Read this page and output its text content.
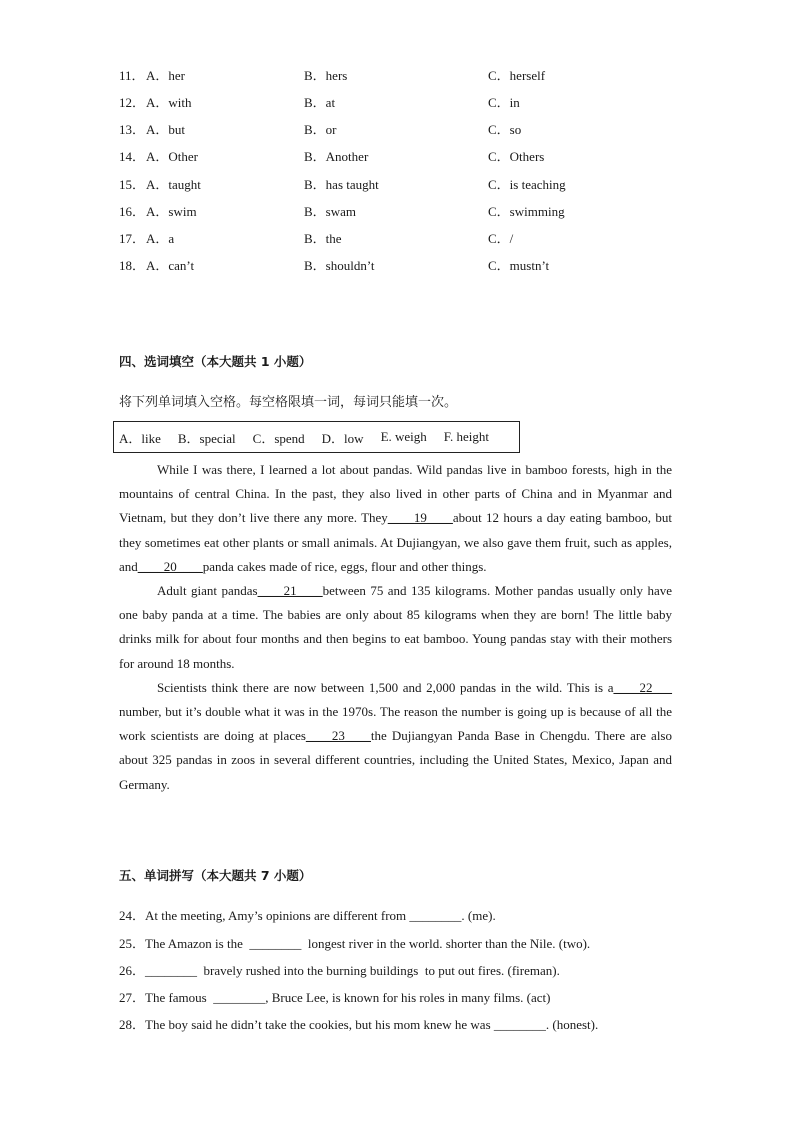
11． A．her	B．hers	C．herself
12． A．with	B．at	C．in
13． A．but	B．or	C．so
14． A．Other	B．Another	C．Others
15． A．taught	B．has taught	C．is teaching
16． A．swim	B．swam	C．swimming
17． A．a	B．the	C．/
18． A．can’t	B．shouldn’t	C．mustn’t
四、选词填空（本大题共 1 小题）
将下列单词填入空格。每空格限填一词，每词只能填一次。
A．like B．special C．spend D．low E. weigh F. height

While I was there, I learned a lot about pandas. Wild pandas live in bamboo forests, high in the mountains of central China. In the past, they also lived in other parts of China and in Myanmar and Vietnam, but they don’t live there any more. They____19____about 12 hours a day eating bamboo, but they sometimes eat other plants or small animals. At Dujiangyan, we also gave them fruit, such as apples, and____20____panda cakes made of rice, eggs, flour and other things.

Adult giant pandas____21____between 75 and 135 kilograms. Mother pandas usually only have one baby panda at a time. The babies are only about 85 kilograms when they are born! The little baby drinks milk for about four months and then begins to eat bamboo. Young pandas stay with their mothers for around 18 months.

Scientists think there are now between 1,500 and 2,000 pandas in the wild. This is a____22___ number, but it’s double what it was in the 1970s. The reason the number is going up is because of all the work scientists are doing at places____23____the Dujiangyan Panda Base in Chengdu. There are also about 325 pandas in zoos in several different countries, including the United States, Mexico, Japan and Germany.

五、单词拼写（本大题共 7 小题）
24．At the meeting, Amy’s opinions are different from ________. (me).
25．The Amazon is the  ________  longest river in the world. shorter than the Nile. (two).
26．________  bravely rushed into the burning buildings  to put out fires. (fireman).
27．The famous  ________, Bruce Lee, is known for his roles in many films. (act)
28．The boy said he didn’t take the cookies, but his mom knew he was ________. (honest).
